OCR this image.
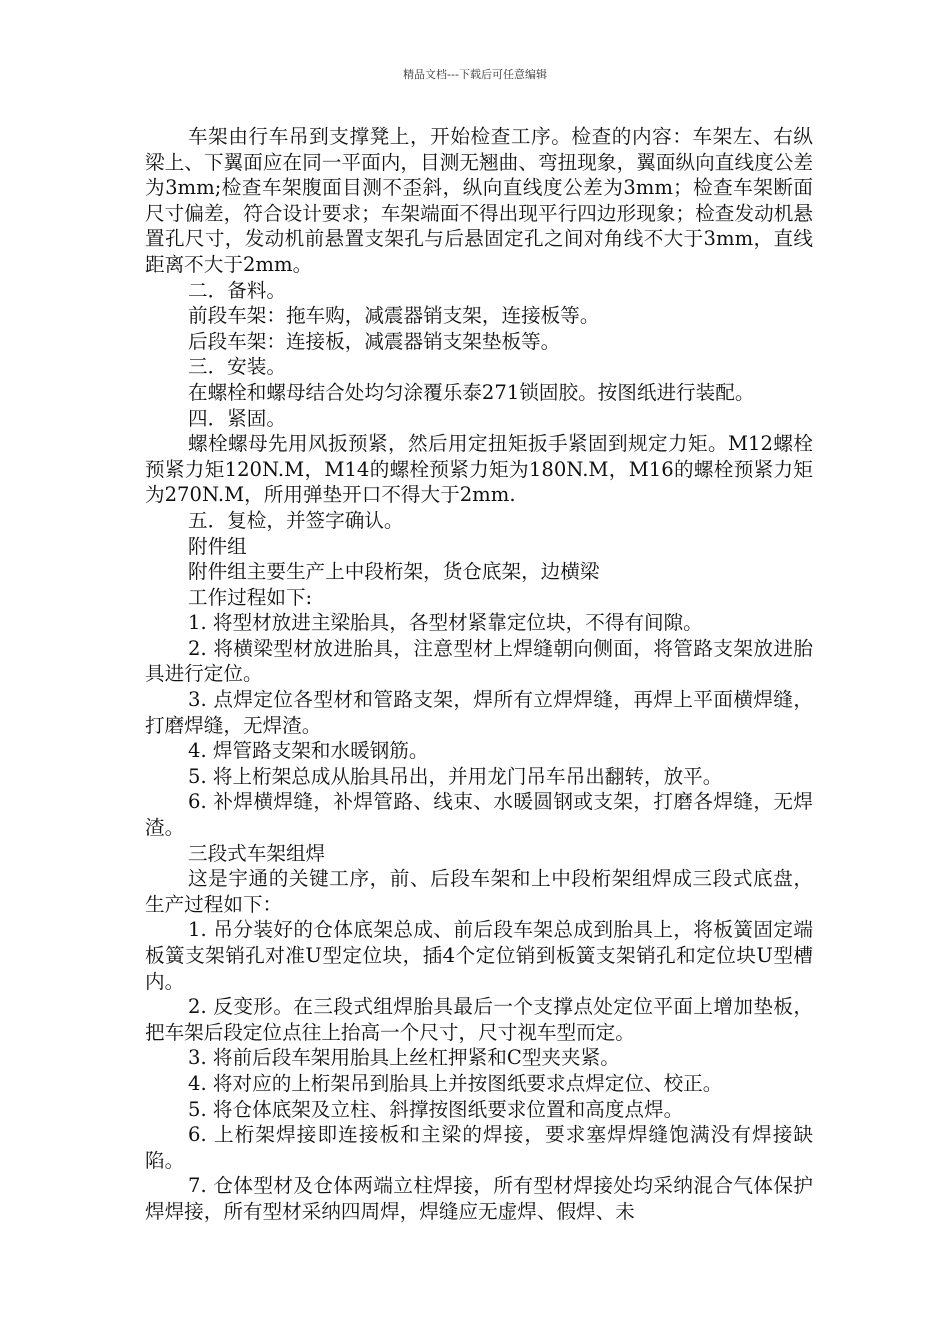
精品文档---下载后可任意编辑

车架由行车吊到支撑凳上，开始检查工序。检查的内容：车架左、右纵梁上、下翼面应在同一平面内，目测无翘曲、弯扭现象，翼面纵向直线度公差为3mm;检查车架腹面目测不歪斜，纵向直线度公差为3mm；检查车架断面尺寸偏差，符合设计要求；车架端面不得出现平行四边形现象；检查发动机悬置孔尺寸，发动机前悬置支架孔与后悬固定孔之间对角线不大于3mm，直线距离不大于2mm。

二．备料。

前段车架：拖车购，减震器销支架，连接板等。

后段车架：连接板，减震器销支架垫板等。

三．安装。

在螺栓和螺母结合处均匀涂覆乐泰271锁固胶。按图纸进行装配。

四．紧固。

螺栓螺母先用风扳预紧，然后用定扭矩扳手紧固到规定力矩。M12螺栓预紧力矩120N.M，M14的螺栓预紧力矩为180N.M，M16的螺栓预紧力矩为270N.M，所用弹垫开口不得大于2mm.

五．复检，并签字确认。

附件组

附件组主要生产上中段桁架，货仓底架，边横梁

工作过程如下:

1. 将型材放进主梁胎具，各型材紧靠定位块，不得有间隙。

2. 将横梁型材放进胎具，注意型材上焊缝朝向侧面，将管路支架放进胎具进行定位。

3. 点焊定位各型材和管路支架，焊所有立焊焊缝，再焊上平面横焊缝，打磨焊缝，无焊渣。

4. 焊管路支架和水暖钢筋。

5. 将上桁架总成从胎具吊出，并用龙门吊车吊出翻转，放平。

6. 补焊横焊缝，补焊管路、线束、水暖圆钢或支架，打磨各焊缝，无焊渣。

三段式车架组焊

这是宇通的关键工序，前、后段车架和上中段桁架组焊成三段式底盘，生产过程如下：

1. 吊分装好的仓体底架总成、前后段车架总成到胎具上，将板簧固定端板簧支架销孔对准U型定位块，插4个定位销到板簧支架销孔和定位块U型槽内。

2. 反变形。在三段式组焊胎具最后一个支撑点处定位平面上增加垫板，把车架后段定位点往上抬高一个尺寸，尺寸视车型而定。

3. 将前后段车架用胎具上丝杠押紧和C型夹夹紧。

4. 将对应的上桁架吊到胎具上并按图纸要求点焊定位、校正。

5. 将仓体底架及立柱、斜撑按图纸要求位置和高度点焊。

6. 上桁架焊接即连接板和主梁的焊接，要求塞焊焊缝饱满没有焊接缺陷。

7. 仓体型材及仓体两端立柱焊接，所有型材焊接处均采纳混合气体保护焊焊接，所有型材采纳四周焊，焊缝应无虚焊、假焊、未
